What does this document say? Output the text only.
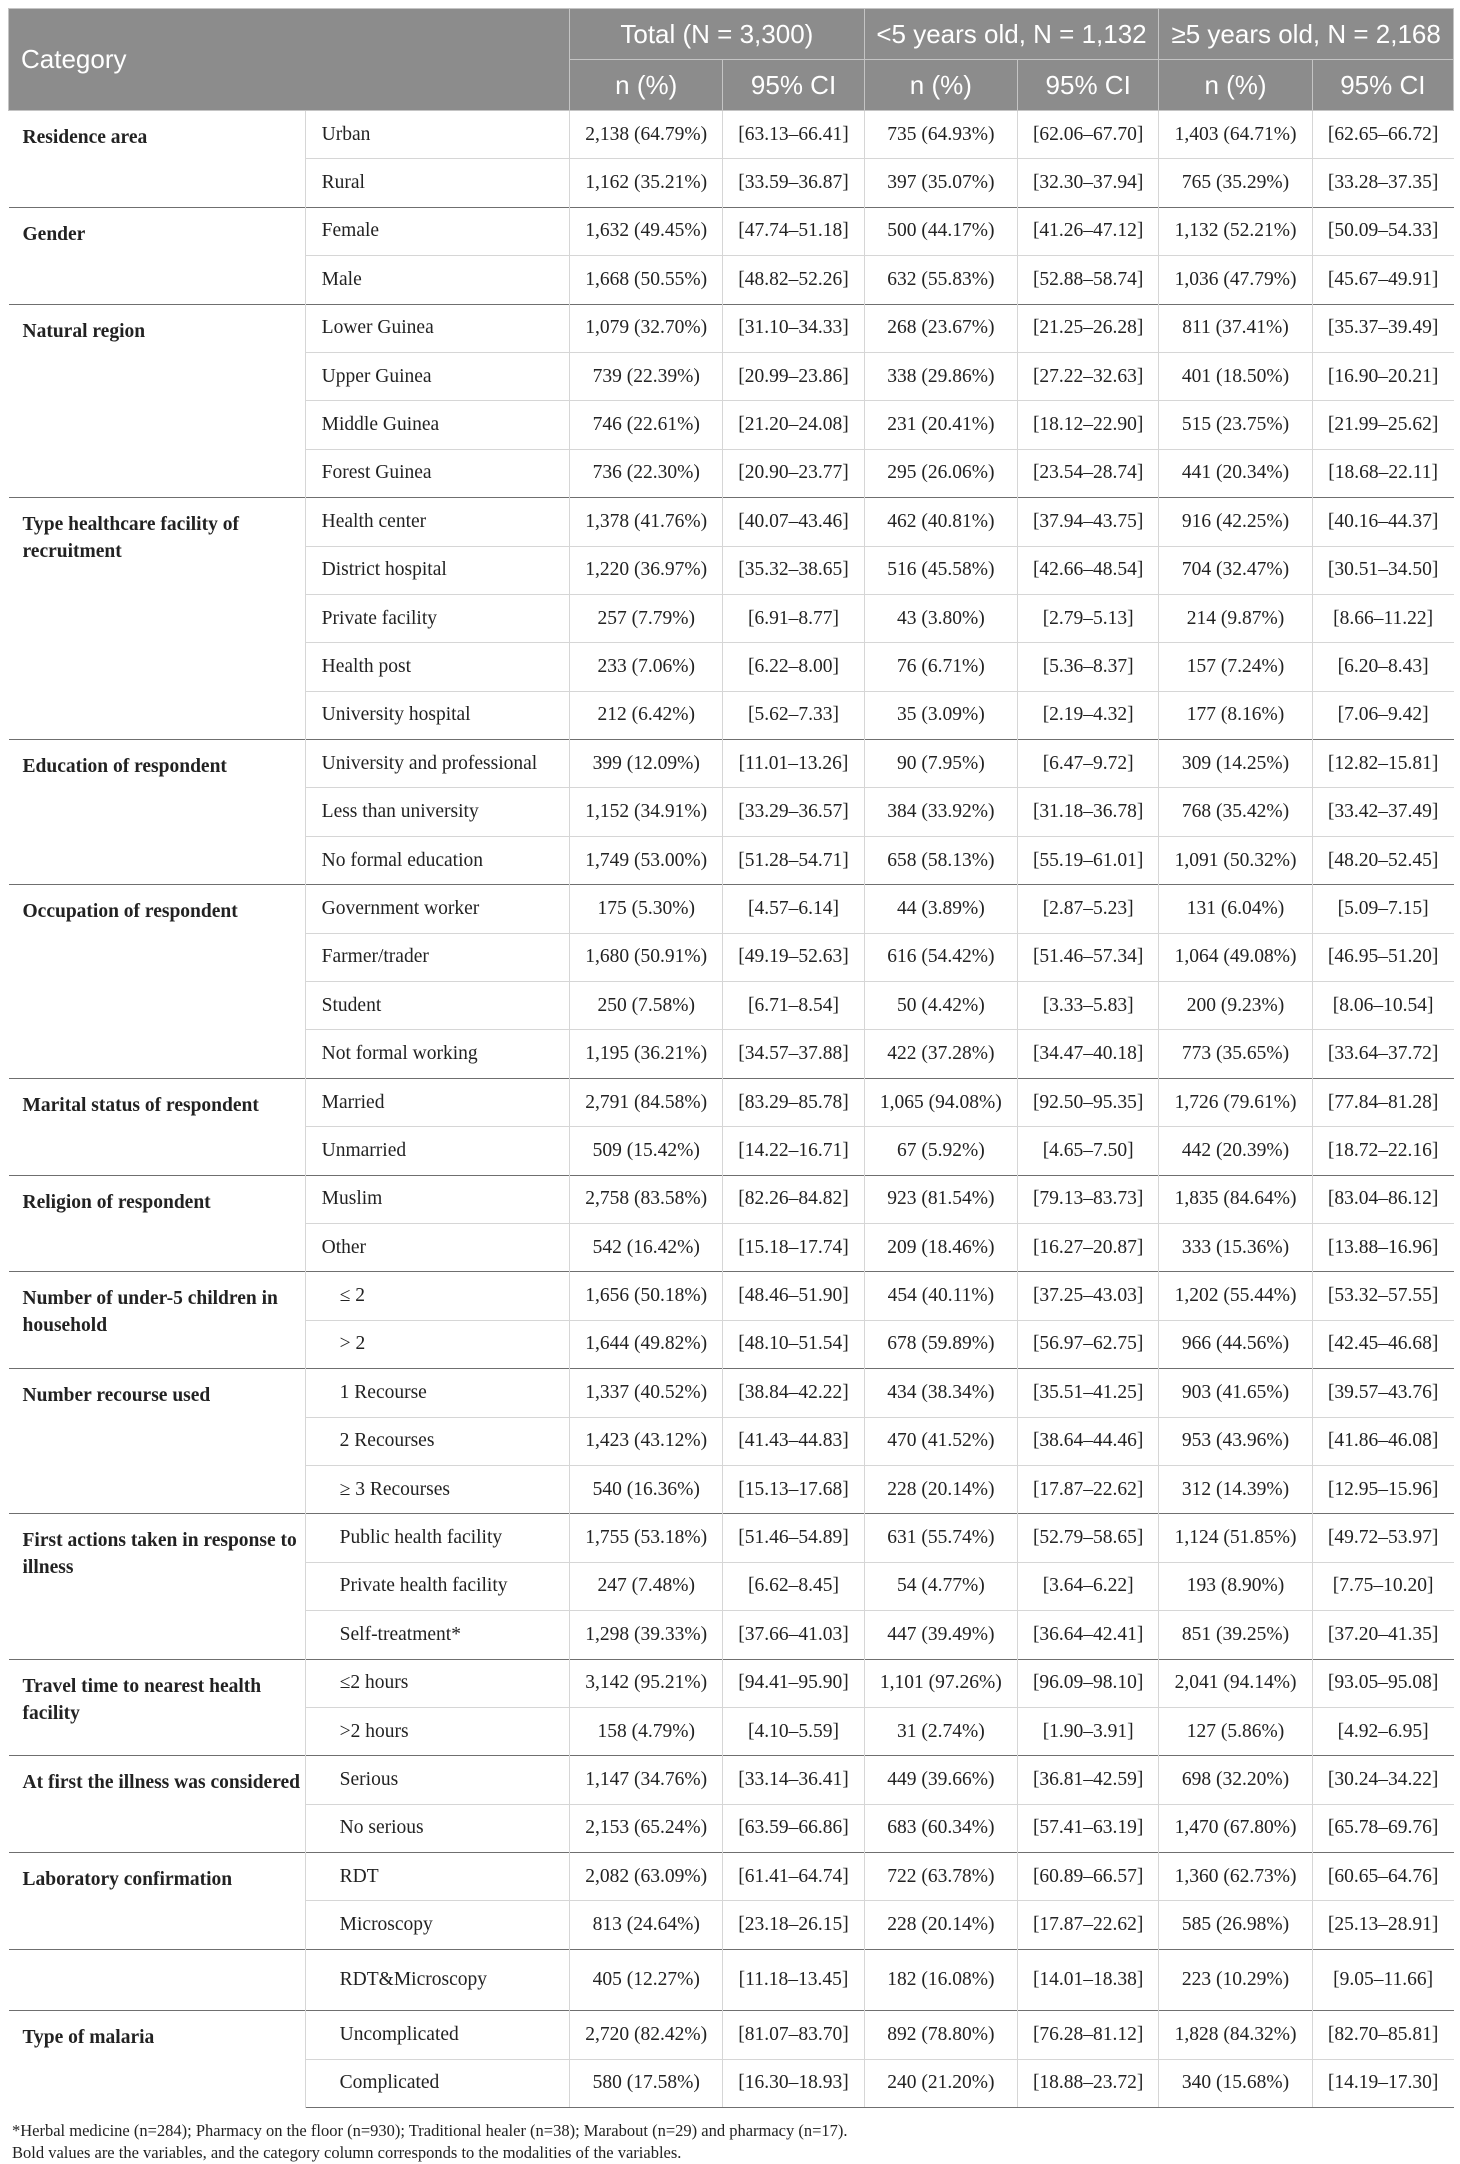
Category		Total (N = 3,300)		<5 years old, N = 1,132		≥5 years old, N = 2,168	
		n (%)	95% CI	n (%)	95% CI	n (%)	95% CI
Residence area	Urban	2,138 (64.79%)	[63.13–66.41]	735 (64.93%)	[62.06–67.70]	1,403 (64.71%)	[62.65–66.72]
	Rural	1,162 (35.21%)	[33.59–36.87]	397 (35.07%)	[32.30–37.94]	765 (35.29%)	[33.28–37.35]
Gender	Female	1,632 (49.45%)	[47.74–51.18]	500 (44.17%)	[41.26–47.12]	1,132 (52.21%)	[50.09–54.33]
	Male	1,668 (50.55%)	[48.82–52.26]	632 (55.83%)	[52.88–58.74]	1,036 (47.79%)	[45.67–49.91]
Natural region	Lower Guinea	1,079 (32.70%)	[31.10–34.33]	268 (23.67%)	[21.25–26.28]	811 (37.41%)	[35.37–39.49]
	Upper Guinea	739 (22.39%)	[20.99–23.86]	338 (29.86%)	[27.22–32.63]	401 (18.50%)	[16.90–20.21]
	Middle Guinea	746 (22.61%)	[21.20–24.08]	231 (20.41%)	[18.12–22.90]	515 (23.75%)	[21.99–25.62]
	Forest Guinea	736 (22.30%)	[20.90–23.77]	295 (26.06%)	[23.54–28.74]	441 (20.34%)	[18.68–22.11]
Type healthcare facility of recruitment	Health center	1,378 (41.76%)	[40.07–43.46]	462 (40.81%)	[37.94–43.75]	916 (42.25%)	[40.16–44.37]
	District hospital	1,220 (36.97%)	[35.32–38.65]	516 (45.58%)	[42.66–48.54]	704 (32.47%)	[30.51–34.50]
	Private facility	257 (7.79%)	[6.91–8.77]	43 (3.80%)	[2.79–5.13]	214 (9.87%)	[8.66–11.22]
	Health post	233 (7.06%)	[6.22–8.00]	76 (6.71%)	[5.36–8.37]	157 (7.24%)	[6.20–8.43]
	University hospital	212 (6.42%)	[5.62–7.33]	35 (3.09%)	[2.19–4.32]	177 (8.16%)	[7.06–9.42]
Education of respondent	University and professional	399 (12.09%)	[11.01–13.26]	90 (7.95%)	[6.47–9.72]	309 (14.25%)	[12.82–15.81]
	Less than university	1,152 (34.91%)	[33.29–36.57]	384 (33.92%)	[31.18–36.78]	768 (35.42%)	[33.42–37.49]
	No formal education	1,749 (53.00%)	[51.28–54.71]	658 (58.13%)	[55.19–61.01]	1,091 (50.32%)	[48.20–52.45]
Occupation of respondent	Government worker	175 (5.30%)	[4.57–6.14]	44 (3.89%)	[2.87–5.23]	131 (6.04%)	[5.09–7.15]
	Farmer/trader	1,680 (50.91%)	[49.19–52.63]	616 (54.42%)	[51.46–57.34]	1,064 (49.08%)	[46.95–51.20]
	Student	250 (7.58%)	[6.71–8.54]	50 (4.42%)	[3.33–5.83]	200 (9.23%)	[8.06–10.54]
	Not formal working	1,195 (36.21%)	[34.57–37.88]	422 (37.28%)	[34.47–40.18]	773 (35.65%)	[33.64–37.72]
Marital status of respondent	Married	2,791 (84.58%)	[83.29–85.78]	1,065 (94.08%)	[92.50–95.35]	1,726 (79.61%)	[77.84–81.28]
	Unmarried	509 (15.42%)	[14.22–16.71]	67 (5.92%)	[4.65–7.50]	442 (20.39%)	[18.72–22.16]
Religion of respondent	Muslim	2,758 (83.58%)	[82.26–84.82]	923 (81.54%)	[79.13–83.73]	1,835 (84.64%)	[83.04–86.12]
	Other	542 (16.42%)	[15.18–17.74]	209 (18.46%)	[16.27–20.87]	333 (15.36%)	[13.88–16.96]
Number of under-5 children in household	≤ 2	1,656 (50.18%)	[48.46–51.90]	454 (40.11%)	[37.25–43.03]	1,202 (55.44%)	[53.32–57.55]
	> 2	1,644 (49.82%)	[48.10–51.54]	678 (59.89%)	[56.97–62.75]	966 (44.56%)	[42.45–46.68]
Number recourse used	1 Recourse	1,337 (40.52%)	[38.84–42.22]	434 (38.34%)	[35.51–41.25]	903 (41.65%)	[39.57–43.76]
	2 Recourses	1,423 (43.12%)	[41.43–44.83]	470 (41.52%)	[38.64–44.46]	953 (43.96%)	[41.86–46.08]
	≥ 3 Recourses	540 (16.36%)	[15.13–17.68]	228 (20.14%)	[17.87–22.62]	312 (14.39%)	[12.95–15.96]
First actions taken in response to illness	Public health facility	1,755 (53.18%)	[51.46–54.89]	631 (55.74%)	[52.79–58.65]	1,124 (51.85%)	[49.72–53.97]
	Private health facility	247 (7.48%)	[6.62–8.45]	54 (4.77%)	[3.64–6.22]	193 (8.90%)	[7.75–10.20]
	Self-treatment*	1,298 (39.33%)	[37.66–41.03]	447 (39.49%)	[36.64–42.41]	851 (39.25%)	[37.20–41.35]
Travel time to nearest health facility	≤2 hours	3,142 (95.21%)	[94.41–95.90]	1,101 (97.26%)	[96.09–98.10]	2,041 (94.14%)	[93.05–95.08]
	>2 hours	158 (4.79%)	[4.10–5.59]	31 (2.74%)	[1.90–3.91]	127 (5.86%)	[4.92–6.95]
At first the illness was considered	Serious	1,147 (34.76%)	[33.14–36.41]	449 (39.66%)	[36.81–42.59]	698 (32.20%)	[30.24–34.22]
	No serious	2,153 (65.24%)	[63.59–66.86]	683 (60.34%)	[57.41–63.19]	1,470 (67.80%)	[65.78–69.76]
Laboratory confirmation	RDT	2,082 (63.09%)	[61.41–64.74]	722 (63.78%)	[60.89–66.57]	1,360 (62.73%)	[60.65–64.76]
	Microscopy	813 (24.64%)	[23.18–26.15]	228 (20.14%)	[17.87–22.62]	585 (26.98%)	[25.13–28.91]
	RDT&Microscopy	405 (12.27%)	[11.18–13.45]	182 (16.08%)	[14.01–18.38]	223 (10.29%)	[9.05–11.66]
Type of malaria	Uncomplicated	2,720 (82.42%)	[81.07–83.70]	892 (78.80%)	[76.28–81.12]	1,828 (84.32%)	[82.70–85.81]
	Complicated	580 (17.58%)	[16.30–18.93]	240 (21.20%)	[18.88–23.72]	340 (15.68%)	[14.19–17.30]
*Herbal medicine (n=284); Pharmacy on the floor (n=930); Traditional healer (n=38); Marabout (n=29) and pharmacy (n=17).
Bold values are the variables, and the category column corresponds to the modalities of the variables.
